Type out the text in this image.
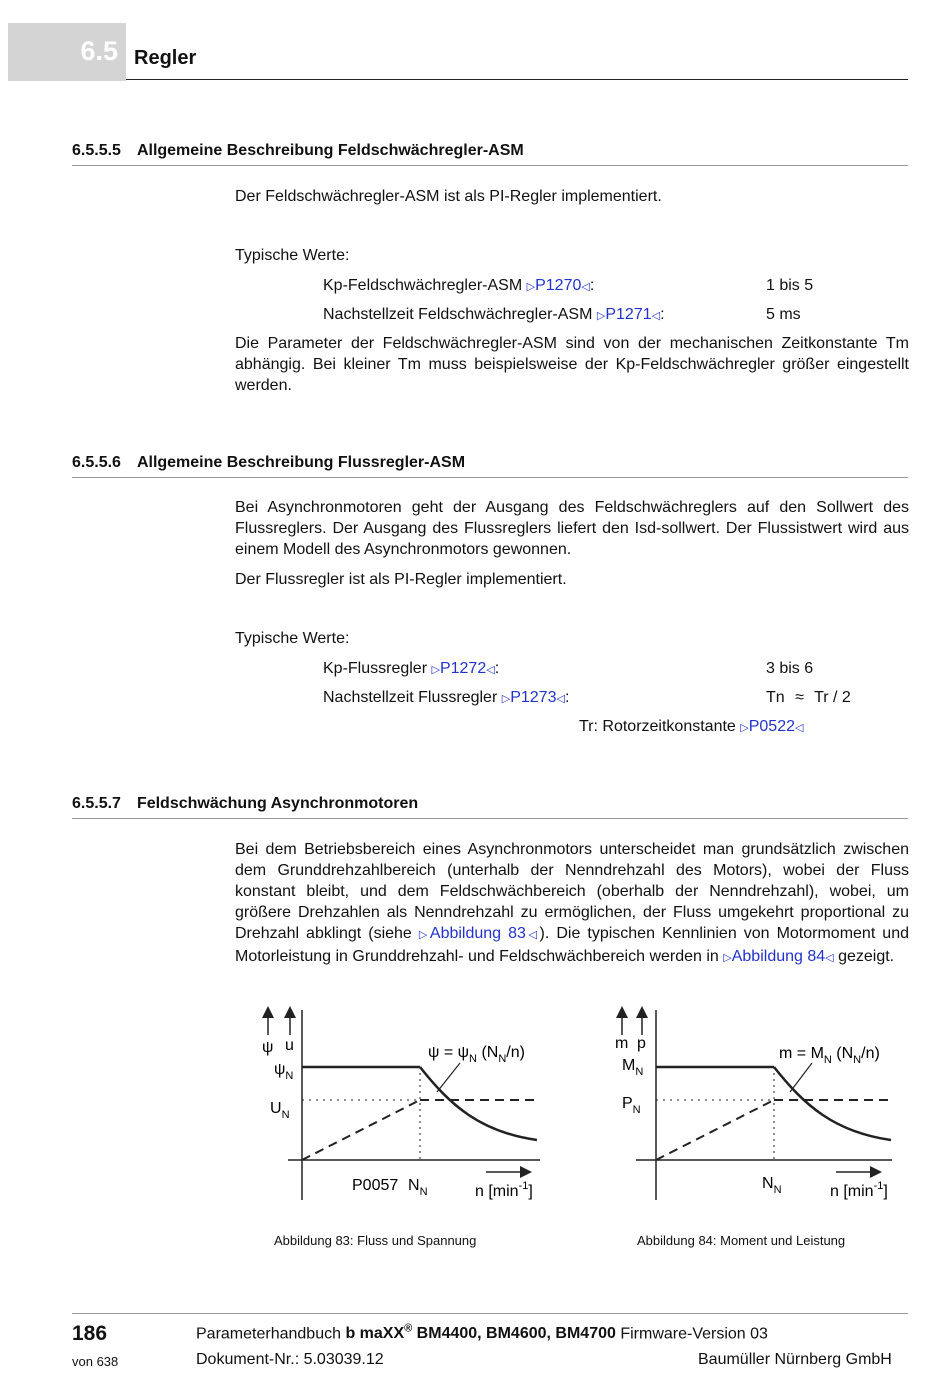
6.5 Regler
6.5.5.5 Allgemeine Beschreibung Feldschwächregler-ASM
Der Feldschwächregler-ASM ist als PI-Regler implementiert.
Typische Werte:
Kp-Feldschwächregler-ASM ▷P1270◁:	1 bis 5
Nachstellzeit Feldschwächregler-ASM ▷P1271◁:	5 ms
Die Parameter der Feldschwächregler-ASM sind von der mechanischen Zeitkonstante Tm abhängig. Bei kleiner Tm muss beispielsweise der Kp-Feldschwächregler größer eingestellt werden.
6.5.5.6 Allgemeine Beschreibung Flussregler-ASM
Bei Asynchronmotoren geht der Ausgang des Feldschwächreglers auf den Sollwert des Flussreglers. Der Ausgang des Flussreglers liefert den Isd-sollwert. Der Flussistwert wird aus einem Modell des Asynchronmotors gewonnen.
Der Flussregler ist als PI-Regler implementiert.
Typische Werte:
Kp-Flussregler ▷P1272◁:	3 bis 6
Nachstellzeit Flussregler ▷P1273◁:	Tn ≈ Tr / 2
Tr: Rotorzeitkonstante ▷P0522◁
6.5.5.7 Feldschwächung Asynchronmotoren
Bei dem Betriebsbereich eines Asynchronmotors unterscheidet man grundsätzlich zwischen dem Grunddrehzahlbereich (unterhalb der Nenndrehzahl des Motors), wobei der Fluss konstant bleibt, und dem Feldschwächbereich (oberhalb der Nenndrehzahl), wobei, um größere Drehzahlen als Nenndrehzahl zu ermöglichen, der Fluss umgekehrt proportional zu Drehzahl abklingt (siehe ▷Abbildung 83◁). Die typischen Kennlinien von Motormoment und Motorleistung in Grunddrehzahl- und Feldschwächbereich werden in ▷Abbildung 84◁ gezeigt.
ψ u
$\psi_N$
$U_N$
$\psi = \psi_N$ $(N_N/n)$
P0057 $N_N$	n $[\min^{-1}]$
Abbildung 83: Fluss und Spannung
m p
$M_N$
$P_N$
$m = M_N$ $(N_N/n)$
$N_N$	n $[\min^{-1}]$
Abbildung 84: Moment und Leistung
186
von 638
Parameterhandbuch b maXX® BM4400, BM4600, BM4700 Firmware-Version 03
Dokument-Nr.: 5.03039.12	Baumüller Nürnberg GmbH
